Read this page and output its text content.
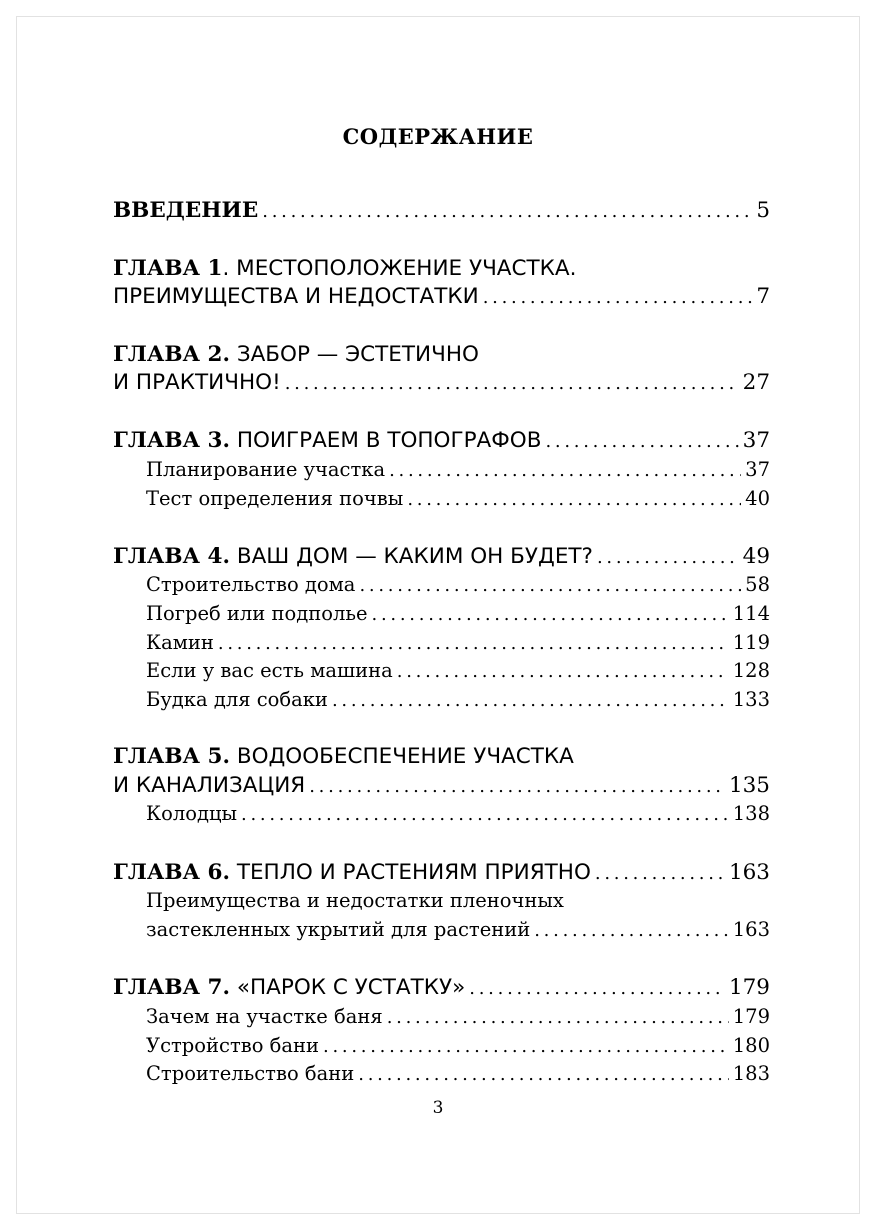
СОДЕРЖАНИЕ
ВВЕДЕНИЕ . . .	5
ГЛАВА 1. МЕСТОПОЛОЖЕНИЕ УЧАСТКА.
ПРЕИМУЩЕСТВА И НЕДОСТАТКИ . . .	7
ГЛАВА 2. ЗАБОР — ЭСТЕТИЧНО
И ПРАКТИЧНО! . . .	27
ГЛАВА 3. ПОИГРАЕМ В ТОПОГРАФОВ . . .	37
Планирование участка . . .	37
Тест определения почвы . . .	40
ГЛАВА 4. ВАШ ДОМ — КАКИМ ОН БУДЕТ? . . .	49
Строительство дома . . .	58
Погреб или подполье . . .	114
Камин . . .	119
Если у вас есть машина . . .	128
Будка для собаки . . .	133
ГЛАВА 5. ВОДООБЕСПЕЧЕНИЕ УЧАСТКА
И КАНАЛИЗАЦИЯ . . .	135
Колодцы . . .	138
ГЛАВА 6. ТЕПЛО И РАСТЕНИЯМ ПРИЯТНО . . .	163
Преимущества и недостатки пленочных
застекленных укрытий для растений . . .	163
ГЛАВА 7. «ПАРОК С УСТАТКУ» . . .	179
Зачем на участке баня . . .	179
Устройство бани . . .	180
Строительство бани . . .	183
3
